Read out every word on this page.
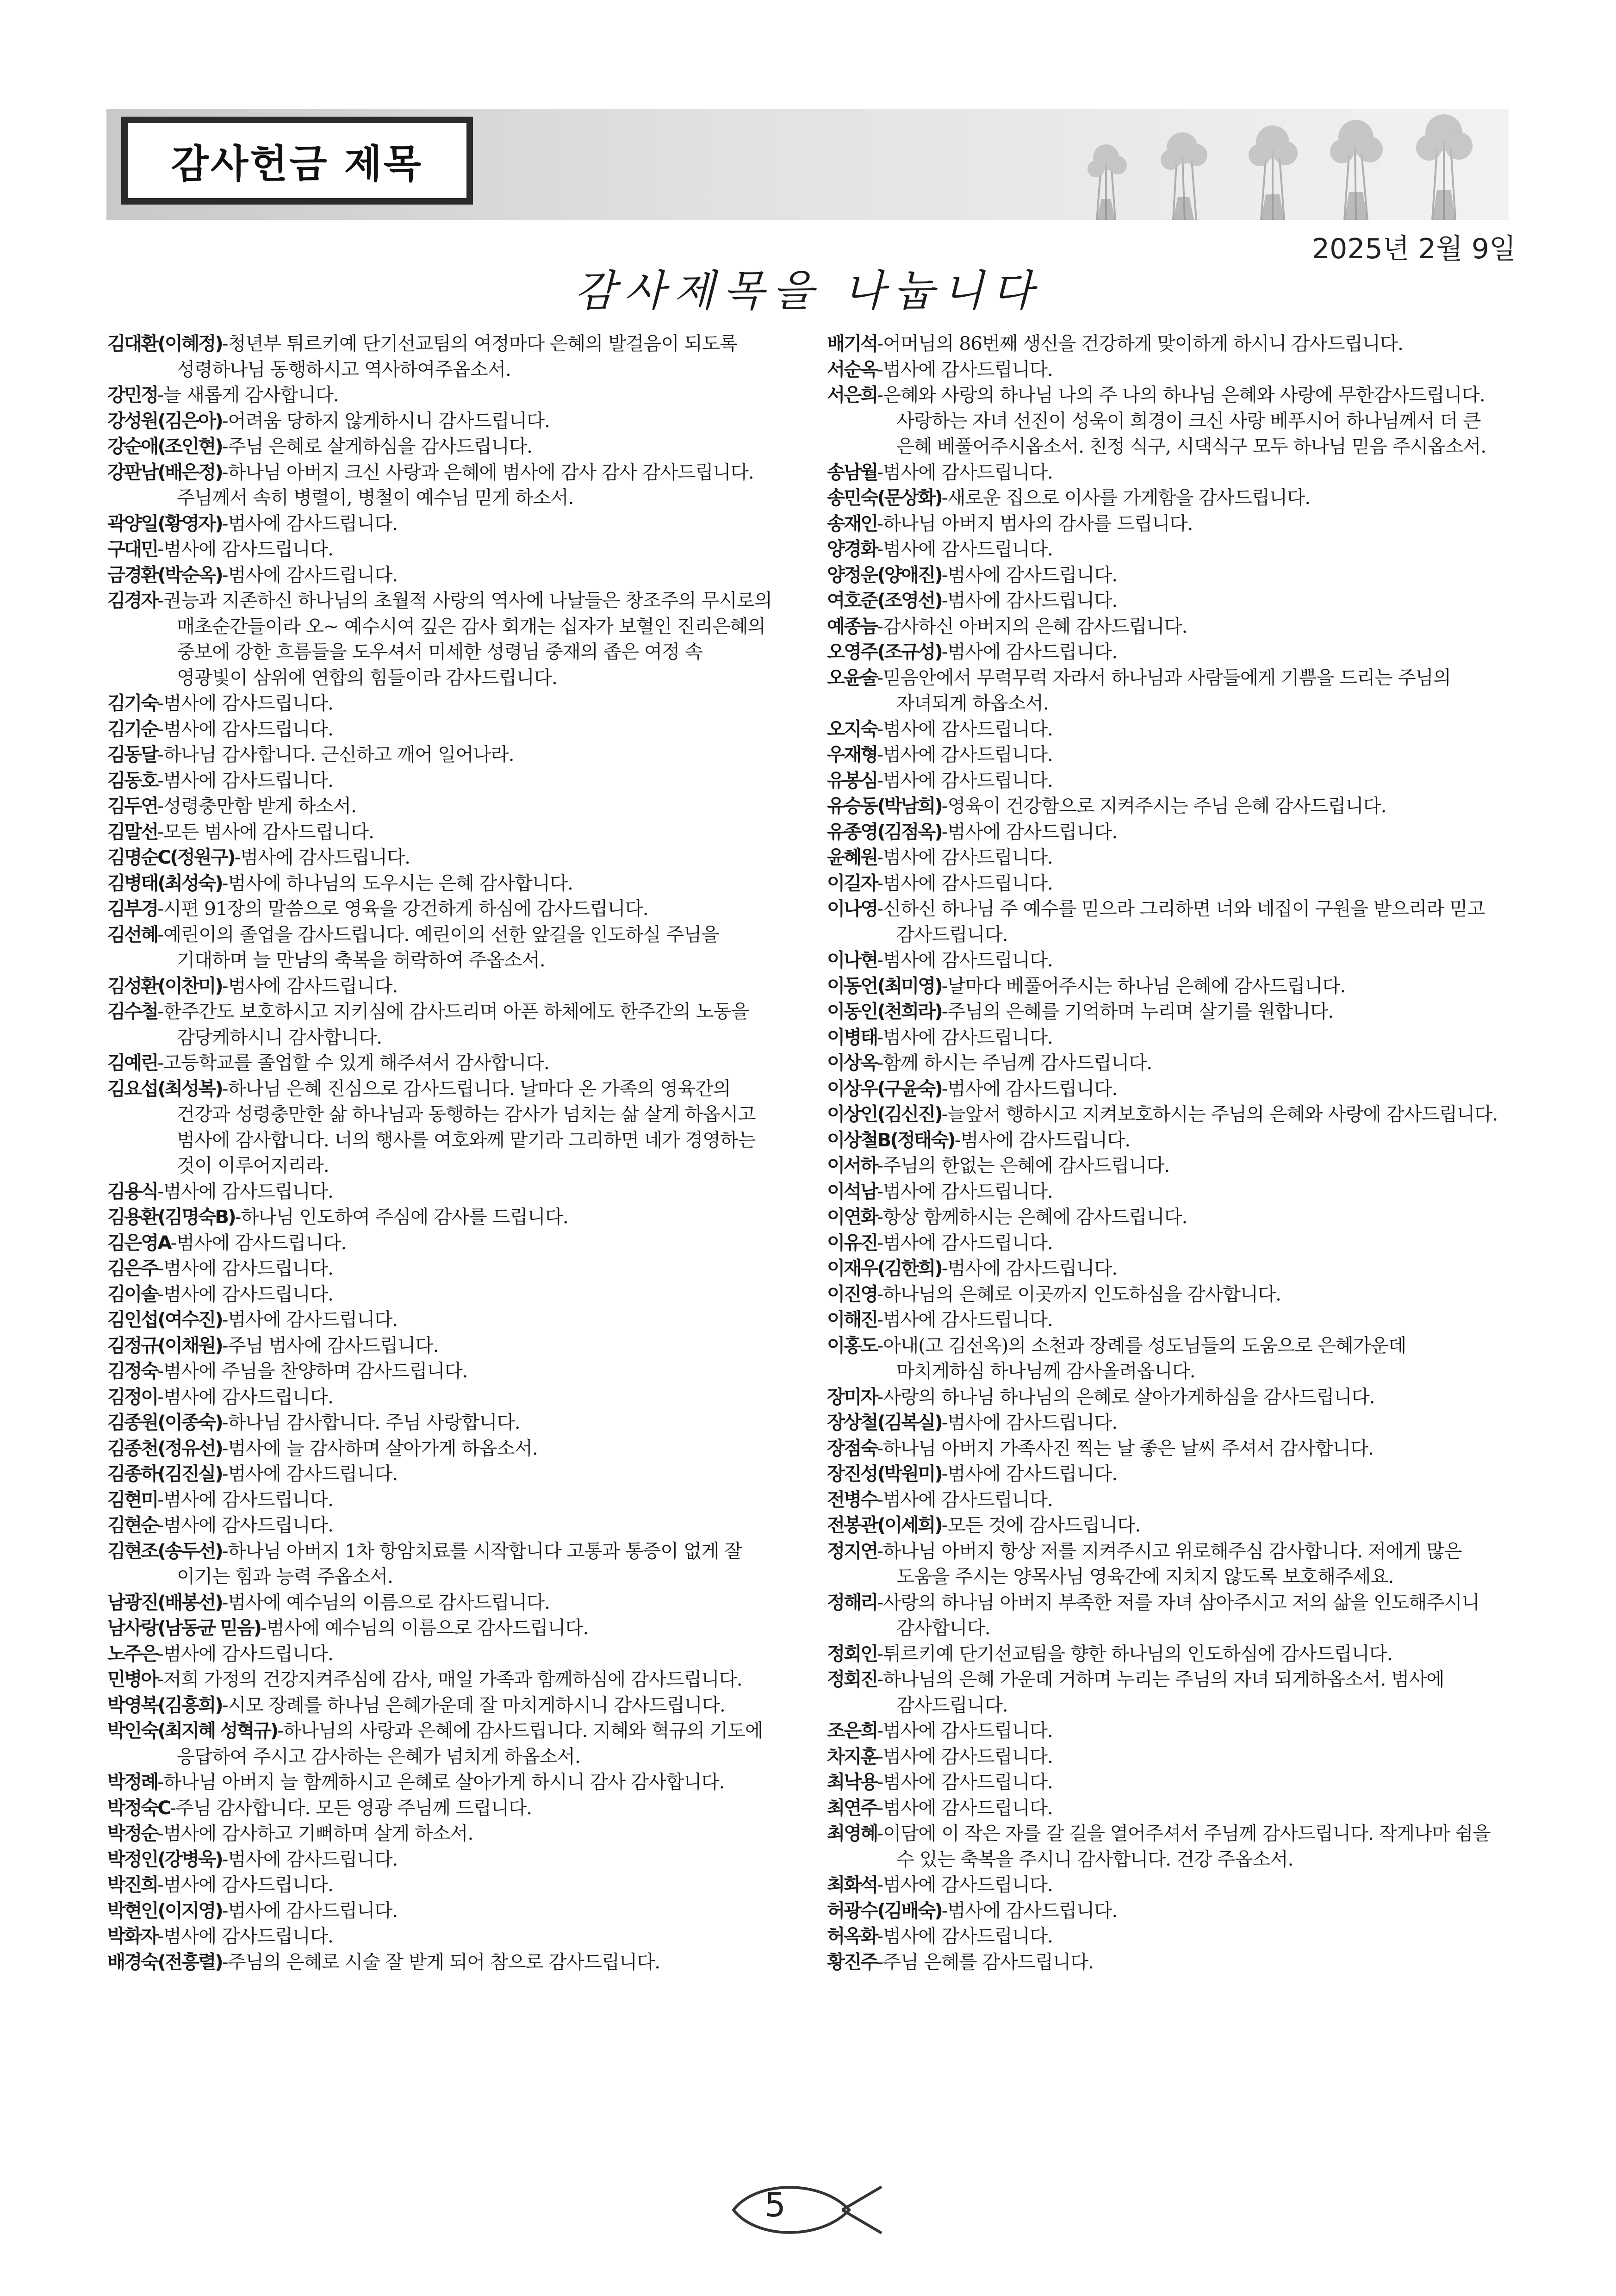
감사헌금 제목
2025년 2월 9일
감사제목을 나눕니다
김대환(이혜정)-청년부 튀르키예 단기선교팀의 여정마다 은혜의 발걸음이 되도록 성령하나님 동행하시고 역사하여주옵소서.
강민정-늘 새롭게 감사합니다.
강성원(김은아)-어려움 당하지 않게하시니 감사드립니다.
강순애(조인현)-주님 은혜로 살게하심을 감사드립니다.
강판남(배은정)-하나님 아버지 크신 사랑과 은혜에 범사에 감사 감사 감사드립니다. 주님께서 속히 병렬이, 병철이 예수님 믿게 하소서.
곽양일(황영자)-범사에 감사드립니다.
구대민-범사에 감사드립니다.
금경환(박순옥)-범사에 감사드립니다.
김경자-권능과 지존하신 하나님의 초월적 사랑의 역사에 나날들은 창조주의 무시로의 매초순간들이라 오~ 예수시여 깊은 감사 회개는 십자가 보혈인 진리은혜의 중보에 강한 흐름들을 도우셔서 미세한 성령님 중재의 좁은 여정 속 영광빛이 삼위에 연합의 힘들이라 감사드립니다.
김기숙-범사에 감사드립니다.
김기순-범사에 감사드립니다.
김동달-하나님 감사합니다. 근신하고 깨어 일어나라.
김동호-범사에 감사드립니다.
김두연-성령충만함 받게 하소서.
김말선-모든 범사에 감사드립니다.
김명순C(정원구)-범사에 감사드립니다.
김병태(최성숙)-범사에 하나님의 도우시는 은혜 감사합니다.
김부경-시편 91장의 말씀으로 영육을 강건하게 하심에 감사드립니다.
김선혜-예린이의 졸업을 감사드립니다. 예린이의 선한 앞길을 인도하실 주님을 기대하며 늘 만남의 축복을 허락하여 주옵소서.
김성환(이찬미)-범사에 감사드립니다.
김수철-한주간도 보호하시고 지키심에 감사드리며 아픈 하체에도 한주간의 노동을 감당케하시니 감사합니다.
김예린-고등학교를 졸업할 수 있게 해주셔서 감사합니다.
김요섭(최성복)-하나님 은혜 진심으로 감사드립니다. 날마다 온 가족의 영육간의 건강과 성령충만한 삶 하나님과 동행하는 감사가 넘치는 삶 살게 하옵시고 범사에 감사합니다. 너의 행사를 여호와께 맡기라 그리하면 네가 경영하는 것이 이루어지리라.
김용식-범사에 감사드립니다.
김용환(김명숙B)-하나님 인도하여 주심에 감사를 드립니다.
김은영A-범사에 감사드립니다.
김은주-범사에 감사드립니다.
김이솔-범사에 감사드립니다.
김인섭(여수진)-범사에 감사드립니다.
김정규(이채원)-주님 범사에 감사드립니다.
김정숙-범사에 주님을 찬양하며 감사드립니다.
김정이-범사에 감사드립니다.
김종원(이종숙)-하나님 감사합니다. 주님 사랑합니다.
김종천(정유선)-범사에 늘 감사하며 살아가게 하옵소서.
김종하(김진실)-범사에 감사드립니다.
김현미-범사에 감사드립니다.
김현순-범사에 감사드립니다.
김현조(송두선)-하나님 아버지 1차 항암치료를 시작합니다 고통과 통증이 없게 잘 이기는 힘과 능력 주옵소서.
남광진(배봉선)-범사에 예수님의 이름으로 감사드립니다.
남사랑(남동균 믿음)-범사에 예수님의 이름으로 감사드립니다.
노주은-범사에 감사드립니다.
민병아-저희 가정의 건강지켜주심에 감사, 매일 가족과 함께하심에 감사드립니다.
박영복(김흥희)-시모 장례를 하나님 은혜가운데 잘 마치게하시니 감사드립니다.
박인숙(최지혜 성혁규)-하나님의 사랑과 은혜에 감사드립니다. 지혜와 혁규의 기도에 응답하여 주시고 감사하는 은혜가 넘치게 하옵소서.
박정례-하나님 아버지 늘 함께하시고 은혜로 살아가게 하시니 감사 감사합니다.
박정숙C-주님 감사합니다. 모든 영광 주님께 드립니다.
박정순-범사에 감사하고 기뻐하며 살게 하소서.
박정인(강병욱)-범사에 감사드립니다.
박진희-범사에 감사드립니다.
박현인(이지영)-범사에 감사드립니다.
박화자-범사에 감사드립니다.
배경숙(전흥렬)-주님의 은혜로 시술 잘 받게 되어 참으로 감사드립니다.
배기석-어머님의 86번째 생신을 건강하게 맞이하게 하시니 감사드립니다.
서순옥-범사에 감사드립니다.
서은희-은혜와 사랑의 하나님 나의 주 나의 하나님 은혜와 사랑에 무한감사드립니다. 사랑하는 자녀 선진이 성욱이 희경이 크신 사랑 베푸시어 하나님께서 더 큰 은혜 베풀어주시옵소서. 친정 식구, 시댁식구 모두 하나님 믿음 주시옵소서.
송남월-범사에 감사드립니다.
송민숙(문상화)-새로운 집으로 이사를 가게함을 감사드립니다.
송재인-하나님 아버지 범사의 감사를 드립니다.
양경화-범사에 감사드립니다.
양정운(양애진)-범사에 감사드립니다.
여호준(조영선)-범사에 감사드립니다.
예종늠-감사하신 아버지의 은혜 감사드립니다.
오영주(조규성)-범사에 감사드립니다.
오윤술-믿음안에서 무럭무럭 자라서 하나님과 사람들에게 기쁨을 드리는 주님의 자녀되게 하옵소서.
오지숙-범사에 감사드립니다.
우재형-범사에 감사드립니다.
유봉심-범사에 감사드립니다.
유승동(박남희)-영육이 건강함으로 지켜주시는 주님 은혜 감사드립니다.
유종영(김점옥)-범사에 감사드립니다.
윤혜원-범사에 감사드립니다.
이길자-범사에 감사드립니다.
이나영-신하신 하나님 주 예수를 믿으라 그리하면 너와 네집이 구원을 받으리라 믿고 감사드립니다.
이나현-범사에 감사드립니다.
이동언(최미영)-날마다 베풀어주시는 하나님 은혜에 감사드립니다.
이동인(천희라)-주님의 은혜를 기억하며 누리며 살기를 원합니다.
이병태-범사에 감사드립니다.
이상옥-함께 하시는 주님께 감사드립니다.
이상우(구윤숙)-범사에 감사드립니다.
이상인(김신진)-늘앞서 행하시고 지켜보호하시는 주님의 은혜와 사랑에 감사드립니다.
이상철B(정태숙)-범사에 감사드립니다.
이서하-주님의 한없는 은혜에 감사드립니다.
이석남-범사에 감사드립니다.
이연화-항상 함께하시는 은혜에 감사드립니다.
이유진-범사에 감사드립니다.
이재우(김한희)-범사에 감사드립니다.
이진영-하나님의 은혜로 이곳까지 인도하심을 감사합니다.
이해진-범사에 감사드립니다.
이홍도-아내(고 김선옥)의 소천과 장례를 성도님들의 도움으로 은혜가운데 마치게하심 하나님께 감사올려옵니다.
장미자-사랑의 하나님 하나님의 은혜로 살아가게하심을 감사드립니다.
장상철(김복실)-범사에 감사드립니다.
장점숙-하나님 아버지 가족사진 찍는 날 좋은 날씨 주셔서 감사합니다.
장진성(박원미)-범사에 감사드립니다.
전병수-범사에 감사드립니다.
전봉관(이세희)-모든 것에 감사드립니다.
정지연-하나님 아버지 항상 저를 지켜주시고 위로해주심 감사합니다. 저에게 많은 도움을 주시는 양목사님 영육간에 지치지 않도록 보호해주세요.
정해리-사랑의 하나님 아버지 부족한 저를 자녀 삼아주시고 저의 삶을 인도해주시니 감사합니다.
정회인-튀르키예 단기선교팀을 향한 하나님의 인도하심에 감사드립니다.
정회진-하나님의 은혜 가운데 거하며 누리는 주님의 자녀 되게하옵소서. 범사에 감사드립니다.
조은희-범사에 감사드립니다.
차지훈-범사에 감사드립니다.
최낙용-범사에 감사드립니다.
최연주-범사에 감사드립니다.
최영혜-이담에 이 작은 자를 갈 길을 열어주셔서 주님께 감사드립니다. 작게나마 쉼을 수 있는 축복을 주시니 감사합니다. 건강 주옵소서.
최화석-범사에 감사드립니다.
허광수(김배숙)-범사에 감사드립니다.
허옥화-범사에 감사드립니다.
황진주-주님 은혜를 감사드립니다.
5
